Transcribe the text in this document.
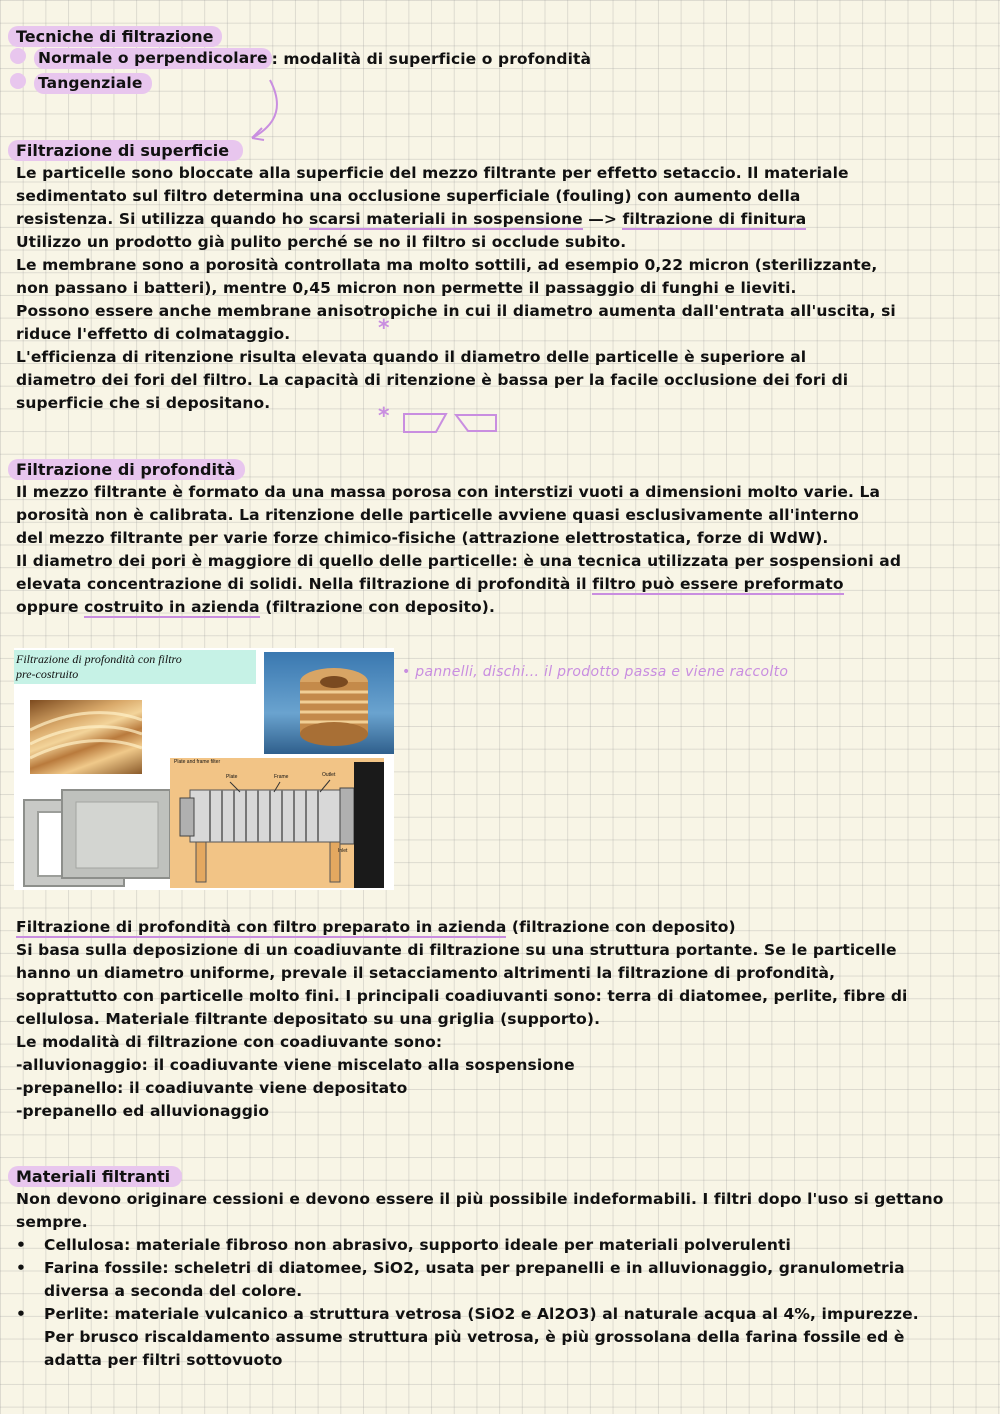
Tecniche di filtrazione
Normale o perpendicolare : modalità di superficie o profondità
Tangenziale
Filtrazione di superficie
Le particelle sono bloccate alla superficie del mezzo filtrante per effetto setaccio. Il materiale
sedimentato sul filtro determina una occlusione superficiale (fouling) con aumento della
resistenza. Si utilizza quando ho scarsi materiali in sospensione —> filtrazione di finitura
Utilizzo un prodotto già pulito perché se no il filtro si occlude subito.
Le membrane sono a porosità controllata ma molto sottili, ad esempio 0,22 micron (sterilizzante,
non passano i batteri), mentre 0,45 micron non permette il passaggio di funghi e lieviti.
Possono essere anche membrane anisotropiche in cui il diametro aumenta dall'entrata all'uscita, si
riduce l'effetto di colmataggio.
L'efficienza di ritenzione risulta elevata quando il diametro delle particelle è superiore al
diametro dei fori del filtro. La capacità di ritenzione è bassa per la facile occlusione dei fori di
superficie che si depositano.
*
*
Filtrazione di profondità
Il mezzo filtrante è formato da una massa porosa con interstizi vuoti a dimensioni molto varie. La
porosità non è calibrata. La ritenzione delle particelle avviene quasi esclusivamente all'interno
del mezzo filtrante per varie forze chimico-fisiche (attrazione elettrostatica, forze di WdW).
Il diametro dei pori è maggiore di quello delle particelle: è una tecnica utilizzata per sospensioni ad
elevata concentrazione di solidi. Nella filtrazione di profondità il filtro può essere preformato
oppure costruito in azienda (filtrazione con deposito).
Filtrazione di profondità con filtro
pre-costruito
Plate and frame filter
Plate	Frame	Outlet
Inlet
• pannelli, dischi... il prodotto passa e viene raccolto
Filtrazione di profondità con filtro preparato in azienda (filtrazione con deposito)
Si basa sulla deposizione di un coadiuvante di filtrazione su una struttura portante. Se le particelle
hanno un diametro uniforme, prevale il setacciamento altrimenti la filtrazione di profondità,
soprattutto con particelle molto fini. I principali coadiuvanti sono: terra di diatomee, perlite, fibre di
cellulosa. Materiale filtrante depositato su una griglia (supporto).
Le modalità di filtrazione con coadiuvante sono:
-alluvionaggio: il coadiuvante viene miscelato alla sospensione
-prepanello: il coadiuvante viene depositato
-prepanello ed alluvionaggio
Materiali filtranti
Non devono originare cessioni e devono essere il più possibile indeformabili. I filtri dopo l'uso si gettano
sempre.
•
Cellulosa: materiale fibroso non abrasivo, supporto ideale per materiali polverulenti
•
Farina fossile: scheletri di diatomee, SiO2, usata per prepanelli e in alluvionaggio, granulometria
diversa a seconda del colore.
•
Perlite: materiale vulcanico a struttura vetrosa (SiO2 e Al2O3) al naturale acqua al 4%, impurezze.
Per brusco riscaldamento assume struttura più vetrosa, è più grossolana della farina fossile ed è
adatta per filtri sottovuoto
